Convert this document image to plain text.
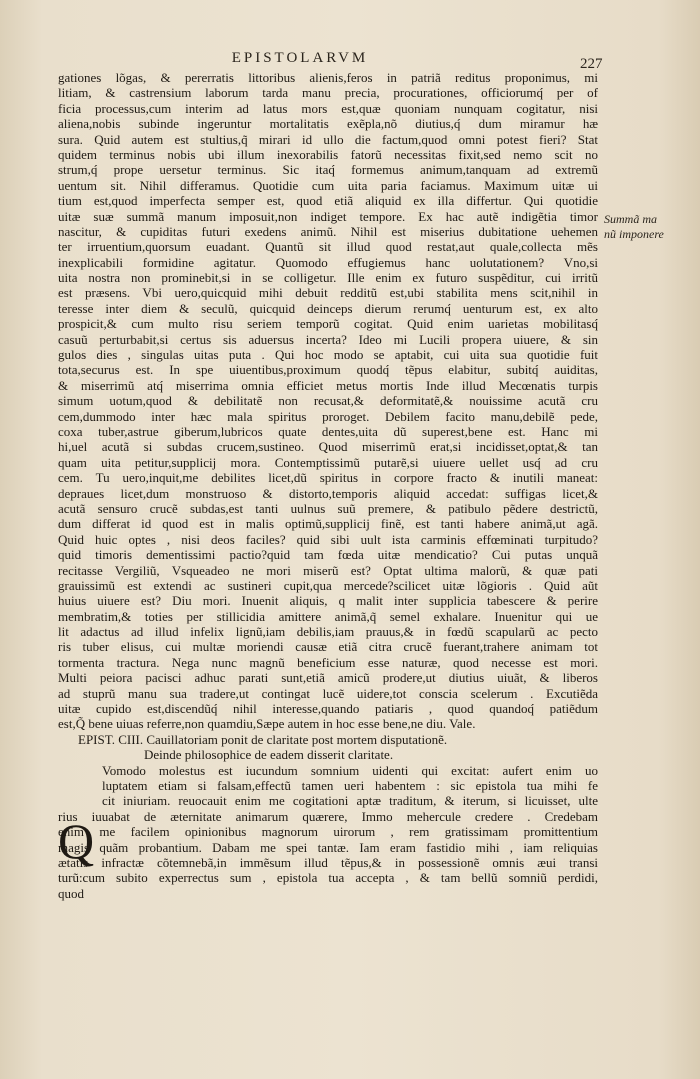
EPISTOLARVM	227
Summã ma
nũ imponere
gationes lõgas, & pererratis littoribus alienis,feros in patriã reditus proponimus, mi
litiam, & castrensium laborum tarda manu precia, procurationes, officiorumq́ per of
ficia processus,cum interim ad latus mors est,quæ quoniam nunquam cogitatur, nisi
aliena,nobis subinde ingeruntur mortalitatis exẽpla,nõ diutius,q́ dum miramur hæ
sura. Quid autem est stultius,q̃ mirari id ullo die factum,quod omni potest fieri? Stat
quidem terminus nobis ubi illum inexorabilis fatorũ necessitas fixit,sed nemo scit no
strum,q́ prope uersetur terminus. Sic itaq́ formemus animum,tanquam ad extremũ
uentum sit. Nihil differamus. Quotidie cum uita paria faciamus. Maximum uitæ ui
tium est,quod imperfecta semper est, quod etiã aliquid ex illa differtur. Qui quotidie
uitæ suæ summã manum imposuit,non indiget tempore. Ex hac autẽ indigẽtia timor
nascitur, & cupiditas futuri exedens animũ. Nihil est miserius dubitatione uehemen
ter irruentium,quorsum euadant. Quantũ sit illud quod restat,aut quale,collecta mẽs
inexplicabili formidine agitatur. Quomodo effugiemus hanc uolutationem? Vno,si
uita nostra non prominebit,si in se colligetur. Ille enim ex futuro suspẽditur, cui irritũ
est præsens. Vbi uero,quicquid mihi debuit redditũ est,ubi stabilita mens scit,nihil in
teresse inter diem & seculũ, quicquid deinceps dierum rerumq́ uenturum est, ex alto
prospicit,& cum multo risu seriem temporũ cogitat. Quid enim uarietas mobilitasq́
casuũ perturbabit,si certus sis aduersus incerta? Ideo mi Lucili propera uiuere, & sin
gulos dies , singulas uitas puta . Qui hoc modo se aptabit, cui uita sua quotidie fuit
tota,securus est. In spe uiuentibus,proximum quodq́ tẽpus elabitur, subitq́ auiditas,
& miserrimũ atq́ miserrima omnia efficiet metus mortis Inde illud Mecœnatis turpis
simum uotum,quod & debilitatẽ non recusat,& deformitatẽ,& nouissime acutã cru
cem,dummodo inter hæc mala spiritus proroget. Debilem facito manu,debilẽ pede,
coxa tuber,astrue giberum,lubricos quate dentes,uita dũ superest,bene est. Hanc mi
hi,uel acutã si subdas crucem,sustineo. Quod miserrimũ erat,si incidisset,optat,& tan
quam uita petitur,supplicij mora. Contemptissimũ putarẽ,si uiuere uellet usq́ ad cru
cem. Tu uero,inquit,me debilites licet,dũ spiritus in corpore fracto & inutili maneat:
depraues licet,dum monstruoso & distorto,temporis aliquid accedat: suffigas licet,&
acutã sensuro crucẽ subdas,est tanti uulnus suũ premere, & patibulo pẽdere destrictũ,
dum differat id quod est in malis optimũ,supplicij finẽ, est tanti habere animã,ut agã.
Quid huic optes , nisi deos faciles? quid sibi uult ista carminis effœminati turpitudo?
quid timoris dementissimi pactio?quid tam fœda uitæ mendicatio? Cui putas unquã
recitasse Vergiliũ, Vsqueadeo ne mori miserũ est? Optat ultima malorũ, & quæ pati
grauissimũ est extendi ac sustineri cupit,qua mercede?scilicet uitæ lõgioris . Quid aũt
huius uiuere est? Diu mori. Inuenit aliquis, q malit inter supplicia tabescere & perire
membratim,& toties per stillicidia amittere animã,q̃ semel exhalare. Inuenitur qui ue
lit adactus ad illud infelix lignũ,iam debilis,iam prauus,& in fœdũ scapularũ ac pecto
ris tuber elisus, cui multæ moriendi causæ etiã citra crucẽ fuerant,trahere animam tot
tormenta tractura. Nega nunc magnũ beneficium esse naturæ, quod necesse est mori.
Multi peiora pacisci adhuc parati sunt,etiã amicũ prodere,ut diutius uiuãt, & liberos
ad stuprũ manu sua tradere,ut contingat lucẽ uidere,tot conscia scelerum . Excutiẽda
uitæ cupido est,discendũq́ nihil interesse,quando patiaris , quod quandoq́ patiẽdum
est,Q̃ bene uiuas referre,non quamdiu,Sæpe autem in hoc esse bene,ne diu. Vale.
EPIST. CIII. Cauillatoriam ponit de claritate post mortem disputationẽ.
Deinde philosophice de eadem disserit claritate.
Vomodo molestus est iucundum somnium uidenti qui excitat: aufert enim uo
luptatem etiam si falsam,effectũ tamen ueri habentem : sic epistola tua mihi fe
cit iniuriam. reuocauit enim me cogitationi aptæ traditum, & iterum, si licuisset, ulte
rius iuuabat de æternitate animarum quærere, Immo mehercule credere . Credebam
enim me facilem opinionibus magnorum uirorum , rem gratissimam promittentium
magis quãm probantium. Dabam me spei tantæ. Iam eram fastidio mihi , iam reliquias
ætatis infractæ cõtemnebã,in immẽsum illud tẽpus,& in possessionẽ omnis æui transi
turũ:cum subito experrectus sum , epistola tua accepta , & tam bellũ somniũ perdidi,
quod
Q
